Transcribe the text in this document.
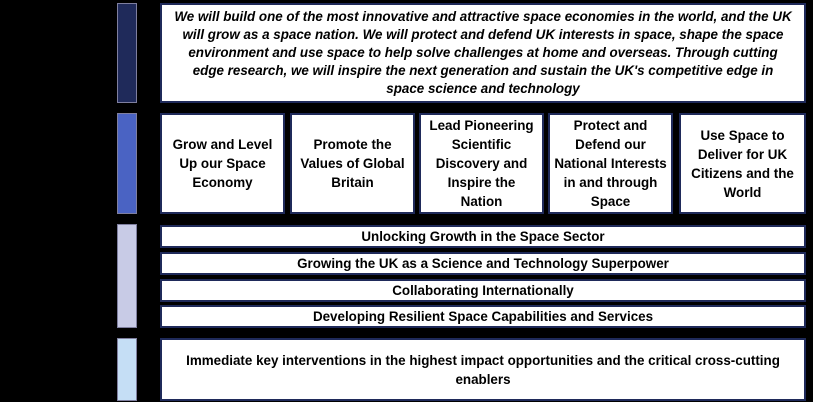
We will build one of the most innovative and attractive space economies in the world, and the UK will grow as a space nation. We will protect and defend UK interests in space, shape the space environment and use space to help solve challenges at home and overseas. Through cutting edge research, we will inspire the next generation and sustain the UK's competitive edge in space science and technology
Grow and Level Up our Space Economy
Promote the Values of Global Britain
Lead Pioneering Scientific Discovery and Inspire the Nation
Protect and Defend our National Interests in and through Space
Use Space to Deliver for UK Citizens and the World
Unlocking Growth in the Space Sector
Growing the UK as a Science and Technology Superpower
Collaborating Internationally
Developing Resilient Space Capabilities and Services
Immediate key interventions in the highest impact opportunities and the critical cross-cutting enablers
